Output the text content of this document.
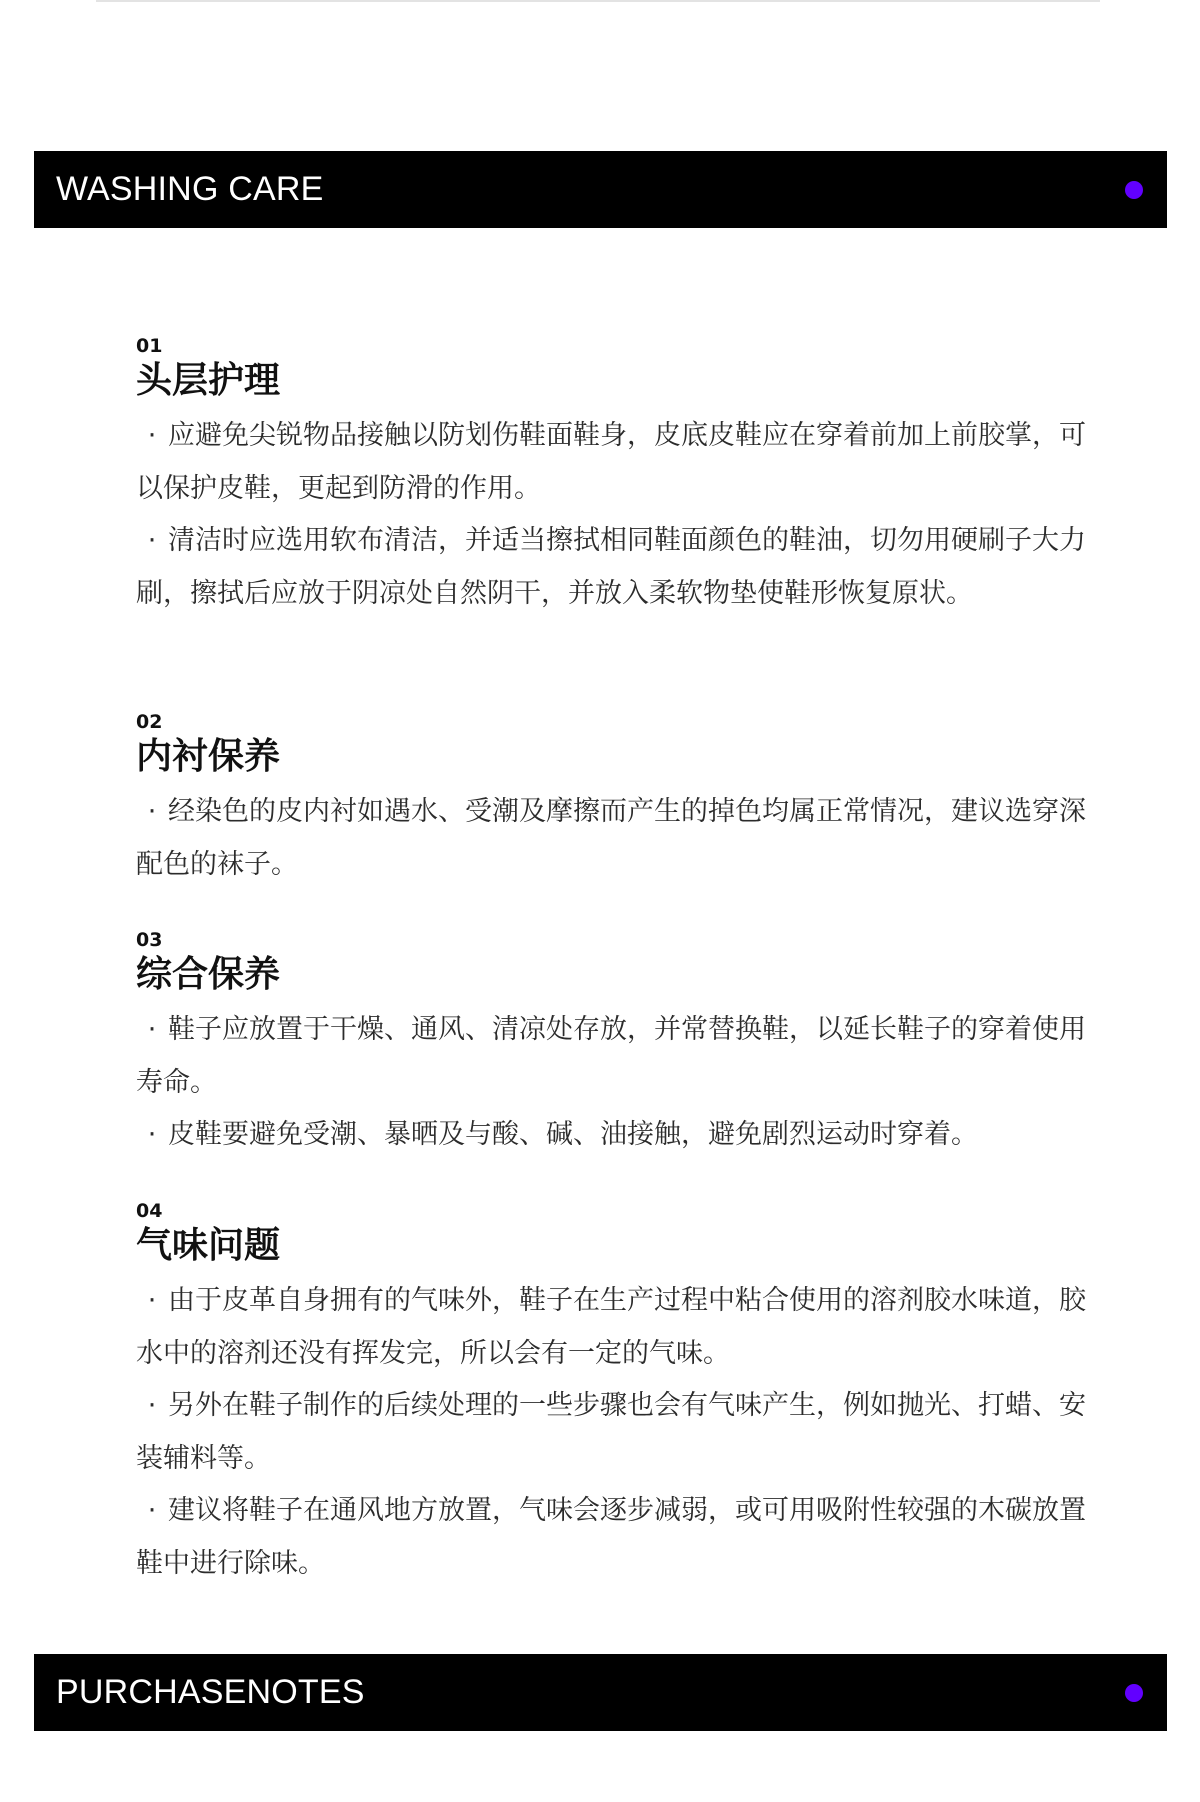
WASHING CARE
01
头层护理

· 应避免尖锐物品接触以防划伤鞋面鞋身，皮底皮鞋应在穿着前加上前胶掌，可以保护皮鞋，更起到防滑的作用。

· 清洁时应选用软布清洁，并适当擦拭相同鞋面颜色的鞋油，切勿用硬刷子大力刷，擦拭后应放于阴凉处自然阴干，并放入柔软物垫使鞋形恢复原状。

02
内衬保养

· 经染色的皮内衬如遇水、受潮及摩擦而产生的掉色均属正常情况，建议选穿深配色的袜子。

03
综合保养

· 鞋子应放置于干燥、通风、清凉处存放，并常替换鞋，以延长鞋子的穿着使用寿命。

· 皮鞋要避免受潮、暴晒及与酸、碱、油接触，避免剧烈运动时穿着。

04
气味问题

· 由于皮革自身拥有的气味外，鞋子在生产过程中粘合使用的溶剂胶水味道，胶水中的溶剂还没有挥发完，所以会有一定的气味。

· 另外在鞋子制作的后续处理的一些步骤也会有气味产生，例如抛光、打蜡、安装辅料等。

· 建议将鞋子在通风地方放置，气味会逐步减弱，或可用吸附性较强的木碳放置鞋中进行除味。

PURCHASENOTES
